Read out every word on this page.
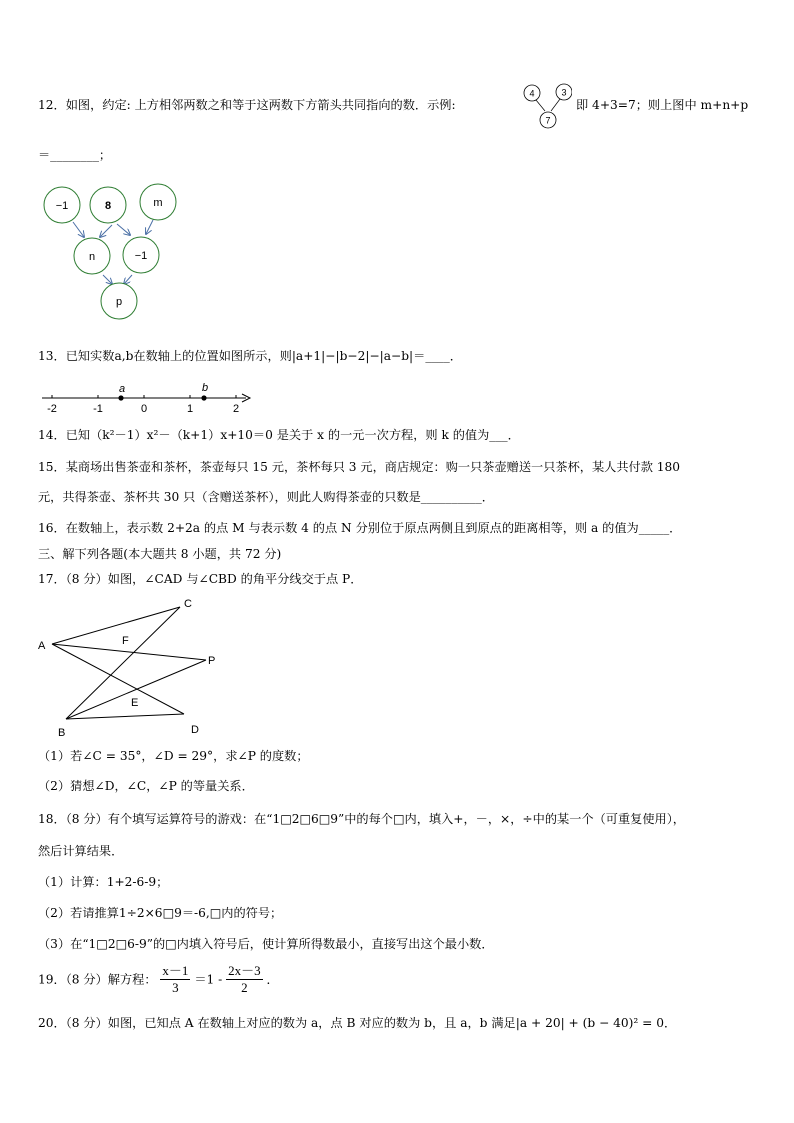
12．如图，约定: 上方相邻两数之和等于这两数下方箭头共同指向的数．示例:
4	3
7
即 4+3=7；则上图中 m+n+p
＝________；
−1	8	m
n	−1
p
13．已知实数a,b在数轴上的位置如图所示，则|a+1|−|b−2|−|a−b|＝____．
a	b
-2	-1	0	1	2
14．已知（k²－1）x²－（k+1）x+10＝0 是关于 x 的一元一次方程，则 k 的值为___．
15．某商场出售茶壶和茶杯，茶壶每只 15 元，茶杯每只 3 元，商店规定：购一只茶壶赠送一只茶杯，某人共付款 180
元，共得茶壶、茶杯共 30 只（含赠送茶杯），则此人购得茶壶的只数是__________．
16．在数轴上，表示数 2+2a 的点 M 与表示数 4 的点 N 分别位于原点两侧且到原点的距离相等，则 a 的值为_____．
三、解下列各题(本大题共 8 小题，共 72 分)
17．（8 分）如图，∠CAD 与∠CBD 的角平分线交于点 P．
A
B
C
D
E
F
P
（1）若∠C = 35°，∠D = 29°，求∠P 的度数；
（2）猜想∠D，∠C，∠P 的等量关系．
18．（8 分）有个填写运算符号的游戏：在“1□2□6□9”中的每个□内，填入+，－，×，÷中的某一个（可重复使用），
然后计算结果．
（1）计算：1+2-6-9；
（2）若请推算1÷2×6□9＝-6,□内的符号；
（3）在“1□2□6-9”的□内填入符号后，使计算所得数最小，直接写出这个最小数．
19．（8 分）解方程： $\frac{x-1}{3} =1 - \frac{2x-3}{2}$ ．
20．（8 分）如图，已知点 A 在数轴上对应的数为 a，点 B 对应的数为 b，且 a，b 满足|a + 20| + (b − 40)² = 0．
